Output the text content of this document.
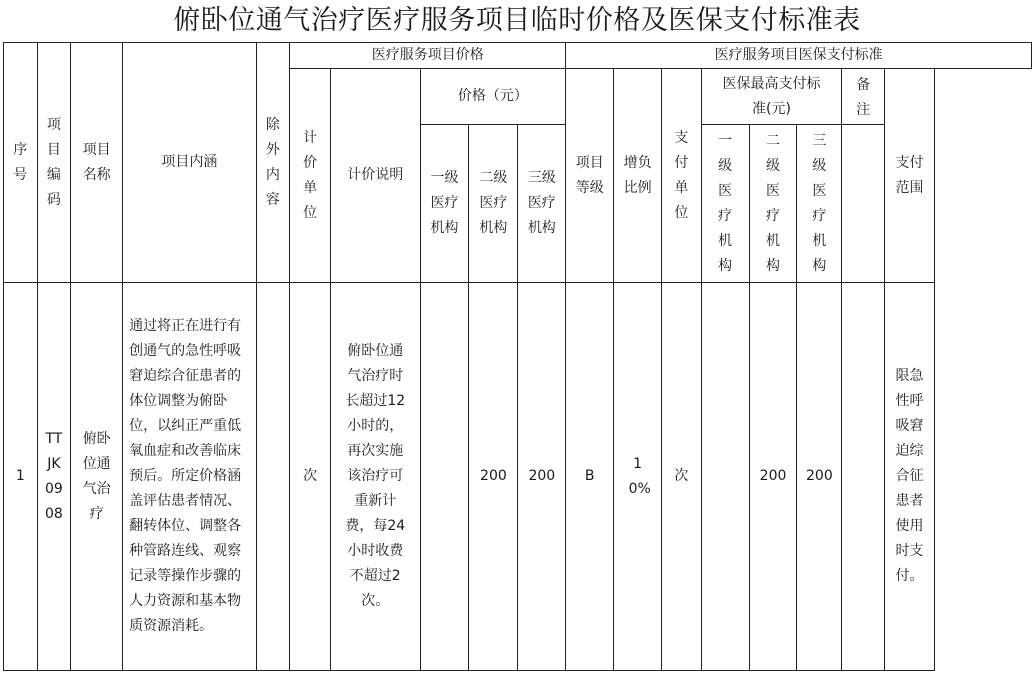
俯卧位通气治疗医疗服务项目临时价格及医保支付标准表
序号	项目编码	项目名称	项目内涵	除外内容	医疗服务项目价格					医疗服务项目医保支付标准							
					计价单位	计价说明	价格（元）			项目等级	增负比例	支付单位	医保最高支付标准(元)			备注	支付范围

							一级医疗机构	二级医疗机构	三级医疗机构				一级医疗机构	二级医疗机构	三级医疗机构		
1	TTJK0908	俯卧位通气治疗	通过将正在进行有创通气的急性呼吸窘迫综合征患者的体位调整为俯卧位，以纠正严重低氧血症和改善临床预后。所定价格涵盖评估患者情况、翻转体位、调整各种管路连线、观察记录等操作步骤的人力资源和基本物质资源消耗。		次	俯卧位通气治疗时长超过12小时的，再次实施该治疗可重新计费，每24小时收费不超过2次。		200	200	B	10%	次		200	200		限急性呼吸窘迫综合征患者使用时支付。
